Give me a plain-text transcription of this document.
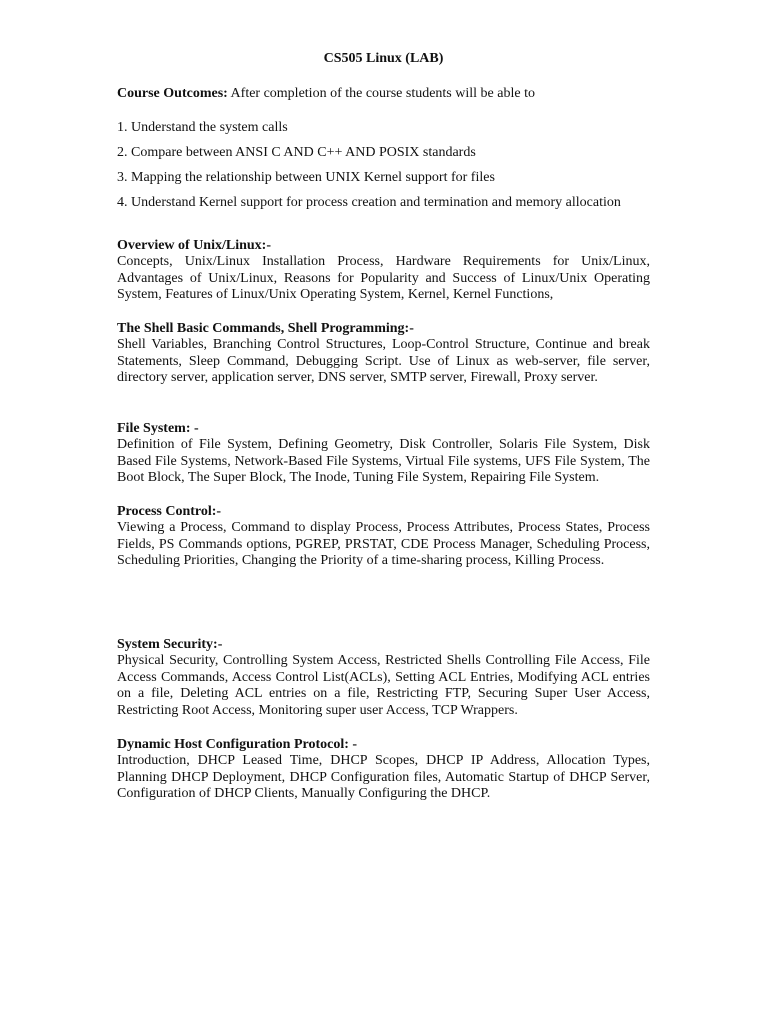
CS505 Linux (LAB)

Course Outcomes: After completion of the course students will be able to

1. Understand the system calls

2. Compare between ANSI C AND C++ AND POSIX standards

3. Mapping the relationship between UNIX Kernel support for files

4. Understand Kernel support for process creation and termination and memory allocation

Overview of Unix/Linux:-

Concepts, Unix/Linux Installation Process, Hardware Requirements for Unix/Linux, Advantages of Unix/Linux, Reasons for Popularity and Success of Linux/Unix Operating System, Features of Linux/Unix Operating System, Kernel, Kernel Functions,

The Shell Basic Commands, Shell Programming:-

Shell Variables, Branching Control Structures, Loop-Control Structure, Continue and break Statements, Sleep Command, Debugging Script. Use of Linux as web-server, file server, directory server, application server, DNS server, SMTP server, Firewall, Proxy server.

File System: -

Definition of File System, Defining Geometry, Disk Controller, Solaris File System, Disk Based File Systems, Network-Based File Systems, Virtual File systems, UFS File System, The Boot Block, The Super Block, The Inode, Tuning File System, Repairing File System.

Process Control:-

Viewing a Process, Command to display Process, Process Attributes, Process States, Process Fields, PS Commands options, PGREP, PRSTAT, CDE Process Manager, Scheduling Process, Scheduling Priorities, Changing the Priority of a time-sharing process, Killing Process.

System Security:-

Physical Security, Controlling System Access, Restricted Shells Controlling File Access, File Access Commands, Access Control List(ACLs), Setting ACL Entries, Modifying ACL entries on a file, Deleting ACL entries on a file, Restricting FTP, Securing Super User Access, Restricting Root Access, Monitoring super user Access, TCP Wrappers.

Dynamic Host Configuration Protocol: -

Introduction, DHCP Leased Time, DHCP Scopes, DHCP IP Address, Allocation Types, Planning DHCP Deployment, DHCP Configuration files, Automatic Startup of DHCP Server, Configuration of DHCP Clients, Manually Configuring the DHCP.
